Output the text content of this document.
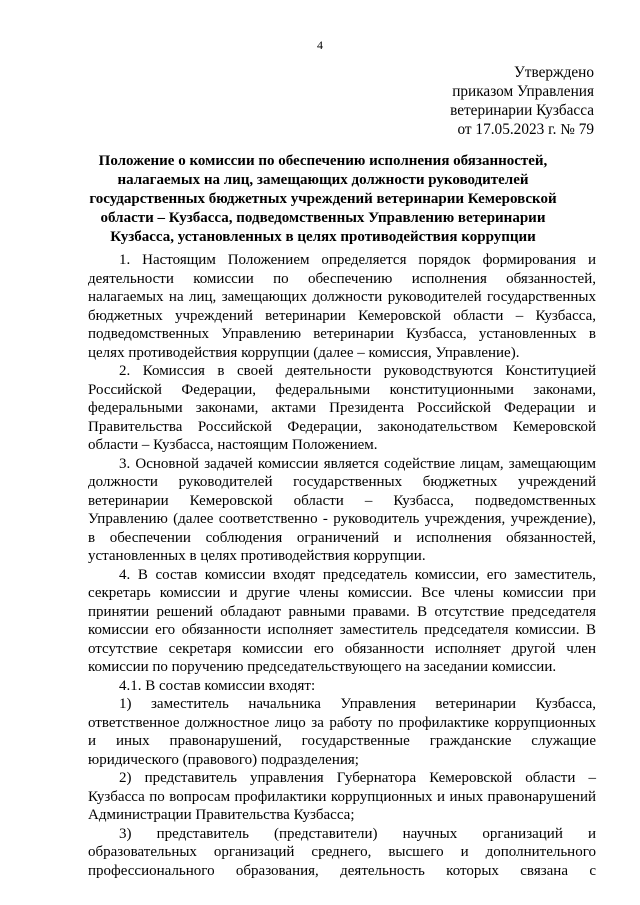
4
Утверждено
приказом Управления
ветеринарии Кузбасса
от 17.05.2023 г. № 79
Положение о комиссии по обеспечению исполнения обязанностей,
налагаемых на лиц, замещающих должности руководителей
государственных бюджетных учреждений ветеринарии Кемеровской
области – Кузбасса, подведомственных Управлению ветеринарии
Кузбасса, установленных в целях противодействия коррупции
1. Настоящим Положением определяется порядок формирования и
деятельности комиссии по обеспечению исполнения обязанностей,
налагаемых на лиц, замещающих должности руководителей государственных
бюджетных учреждений ветеринарии Кемеровской области – Кузбасса,
подведомственных Управлению ветеринарии Кузбасса, установленных в
целях противодействия коррупции (далее – комиссия, Управление).
2. Комиссия в своей деятельности руководствуются Конституцией
Российской Федерации, федеральными конституционными законами,
федеральными законами, актами Президента Российской Федерации и
Правительства Российской Федерации, законодательством Кемеровской
области – Кузбасса, настоящим Положением.
3. Основной задачей комиссии является содействие лицам, замещающим
должности руководителей государственных бюджетных учреждений
ветеринарии Кемеровской области – Кузбасса, подведомственных
Управлению (далее соответственно - руководитель учреждения, учреждение),
в обеспечении соблюдения ограничений и исполнения обязанностей,
установленных в целях противодействия коррупции.
4. В состав комиссии входят председатель комиссии, его заместитель,
секретарь комиссии и другие члены комиссии. Все члены комиссии при
принятии решений обладают равными правами. В отсутствие председателя
комиссии его обязанности исполняет заместитель председателя комиссии. В
отсутствие секретаря комиссии его обязанности исполняет другой член
комиссии по поручению председательствующего на заседании комиссии.
4.1. В состав комиссии входят:
1) заместитель начальника Управления ветеринарии Кузбасса,
ответственное должностное лицо за работу по профилактике коррупционных
и иных правонарушений, государственные гражданские служащие
юридического (правового) подразделения;
2) представитель управления Губернатора Кемеровской области –
Кузбасса по вопросам профилактики коррупционных и иных правонарушений
Администрации Правительства Кузбасса;
3) представитель (представители) научных организаций и
образовательных организаций среднего, высшего и дополнительного
профессионального образования, деятельность которых связана с
